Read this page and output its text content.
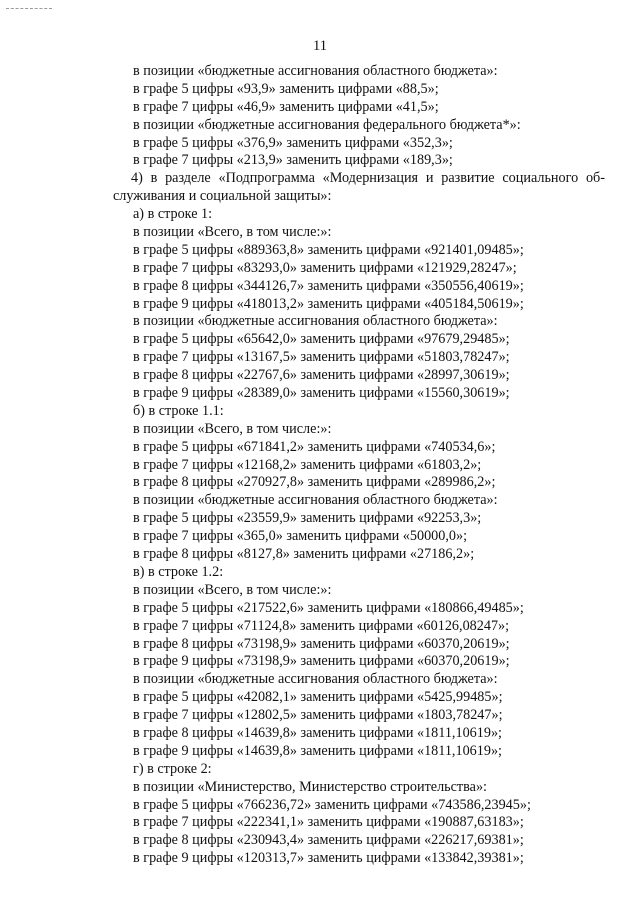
11
в позиции «бюджетные ассигнования областного бюджета»:
в графе 5 цифры «93,9» заменить цифрами «88,5»;
в графе 7 цифры «46,9» заменить цифрами «41,5»;
в позиции «бюджетные ассигнования федерального бюджета*»:
в графе 5 цифры «376,9» заменить цифрами «352,3»;
в графе 7 цифры «213,9» заменить цифрами «189,3»;
4) в разделе «Подпрограмма «Модернизация и развитие социального об-
служивания и социальной защиты»:
а) в строке 1:
в позиции «Всего, в том числе:»:
в графе 5 цифры «889363,8» заменить цифрами «921401,09485»;
в графе 7 цифры «83293,0» заменить цифрами «121929,28247»;
в графе 8 цифры «344126,7» заменить цифрами «350556,40619»;
в графе 9 цифры «418013,2» заменить цифрами «405184,50619»;
в позиции «бюджетные ассигнования областного бюджета»:
в графе 5 цифры «65642,0» заменить цифрами «97679,29485»;
в графе 7 цифры «13167,5» заменить цифрами «51803,78247»;
в графе 8 цифры «22767,6» заменить цифрами «28997,30619»;
в графе 9 цифры «28389,0» заменить цифрами «15560,30619»;
б) в строке 1.1:
в позиции «Всего, в том числе:»:
в графе 5 цифры «671841,2» заменить цифрами «740534,6»;
в графе 7 цифры «12168,2» заменить цифрами «61803,2»;
в графе 8 цифры «270927,8» заменить цифрами «289986,2»;
в позиции «бюджетные ассигнования областного бюджета»:
в графе 5 цифры «23559,9» заменить цифрами «92253,3»;
в графе 7 цифры «365,0» заменить цифрами «50000,0»;
в графе 8 цифры «8127,8» заменить цифрами «27186,2»;
в) в строке 1.2:
в позиции «Всего, в том числе:»:
в графе 5 цифры «217522,6» заменить цифрами «180866,49485»;
в графе 7 цифры «71124,8» заменить цифрами «60126,08247»;
в графе 8 цифры «73198,9» заменить цифрами «60370,20619»;
в графе 9 цифры «73198,9» заменить цифрами «60370,20619»;
в позиции «бюджетные ассигнования областного бюджета»:
в графе 5 цифры «42082,1» заменить цифрами «5425,99485»;
в графе 7 цифры «12802,5» заменить цифрами «1803,78247»;
в графе 8 цифры «14639,8» заменить цифрами «1811,10619»;
в графе 9 цифры «14639,8» заменить цифрами «1811,10619»;
г) в строке 2:
в позиции «Министерство, Министерство строительства»:
в графе 5 цифры «766236,72» заменить цифрами «743586,23945»;
в графе 7 цифры «222341,1» заменить цифрами «190887,63183»;
в графе 8 цифры «230943,4» заменить цифрами «226217,69381»;
в графе 9 цифры «120313,7» заменить цифрами «133842,39381»;
